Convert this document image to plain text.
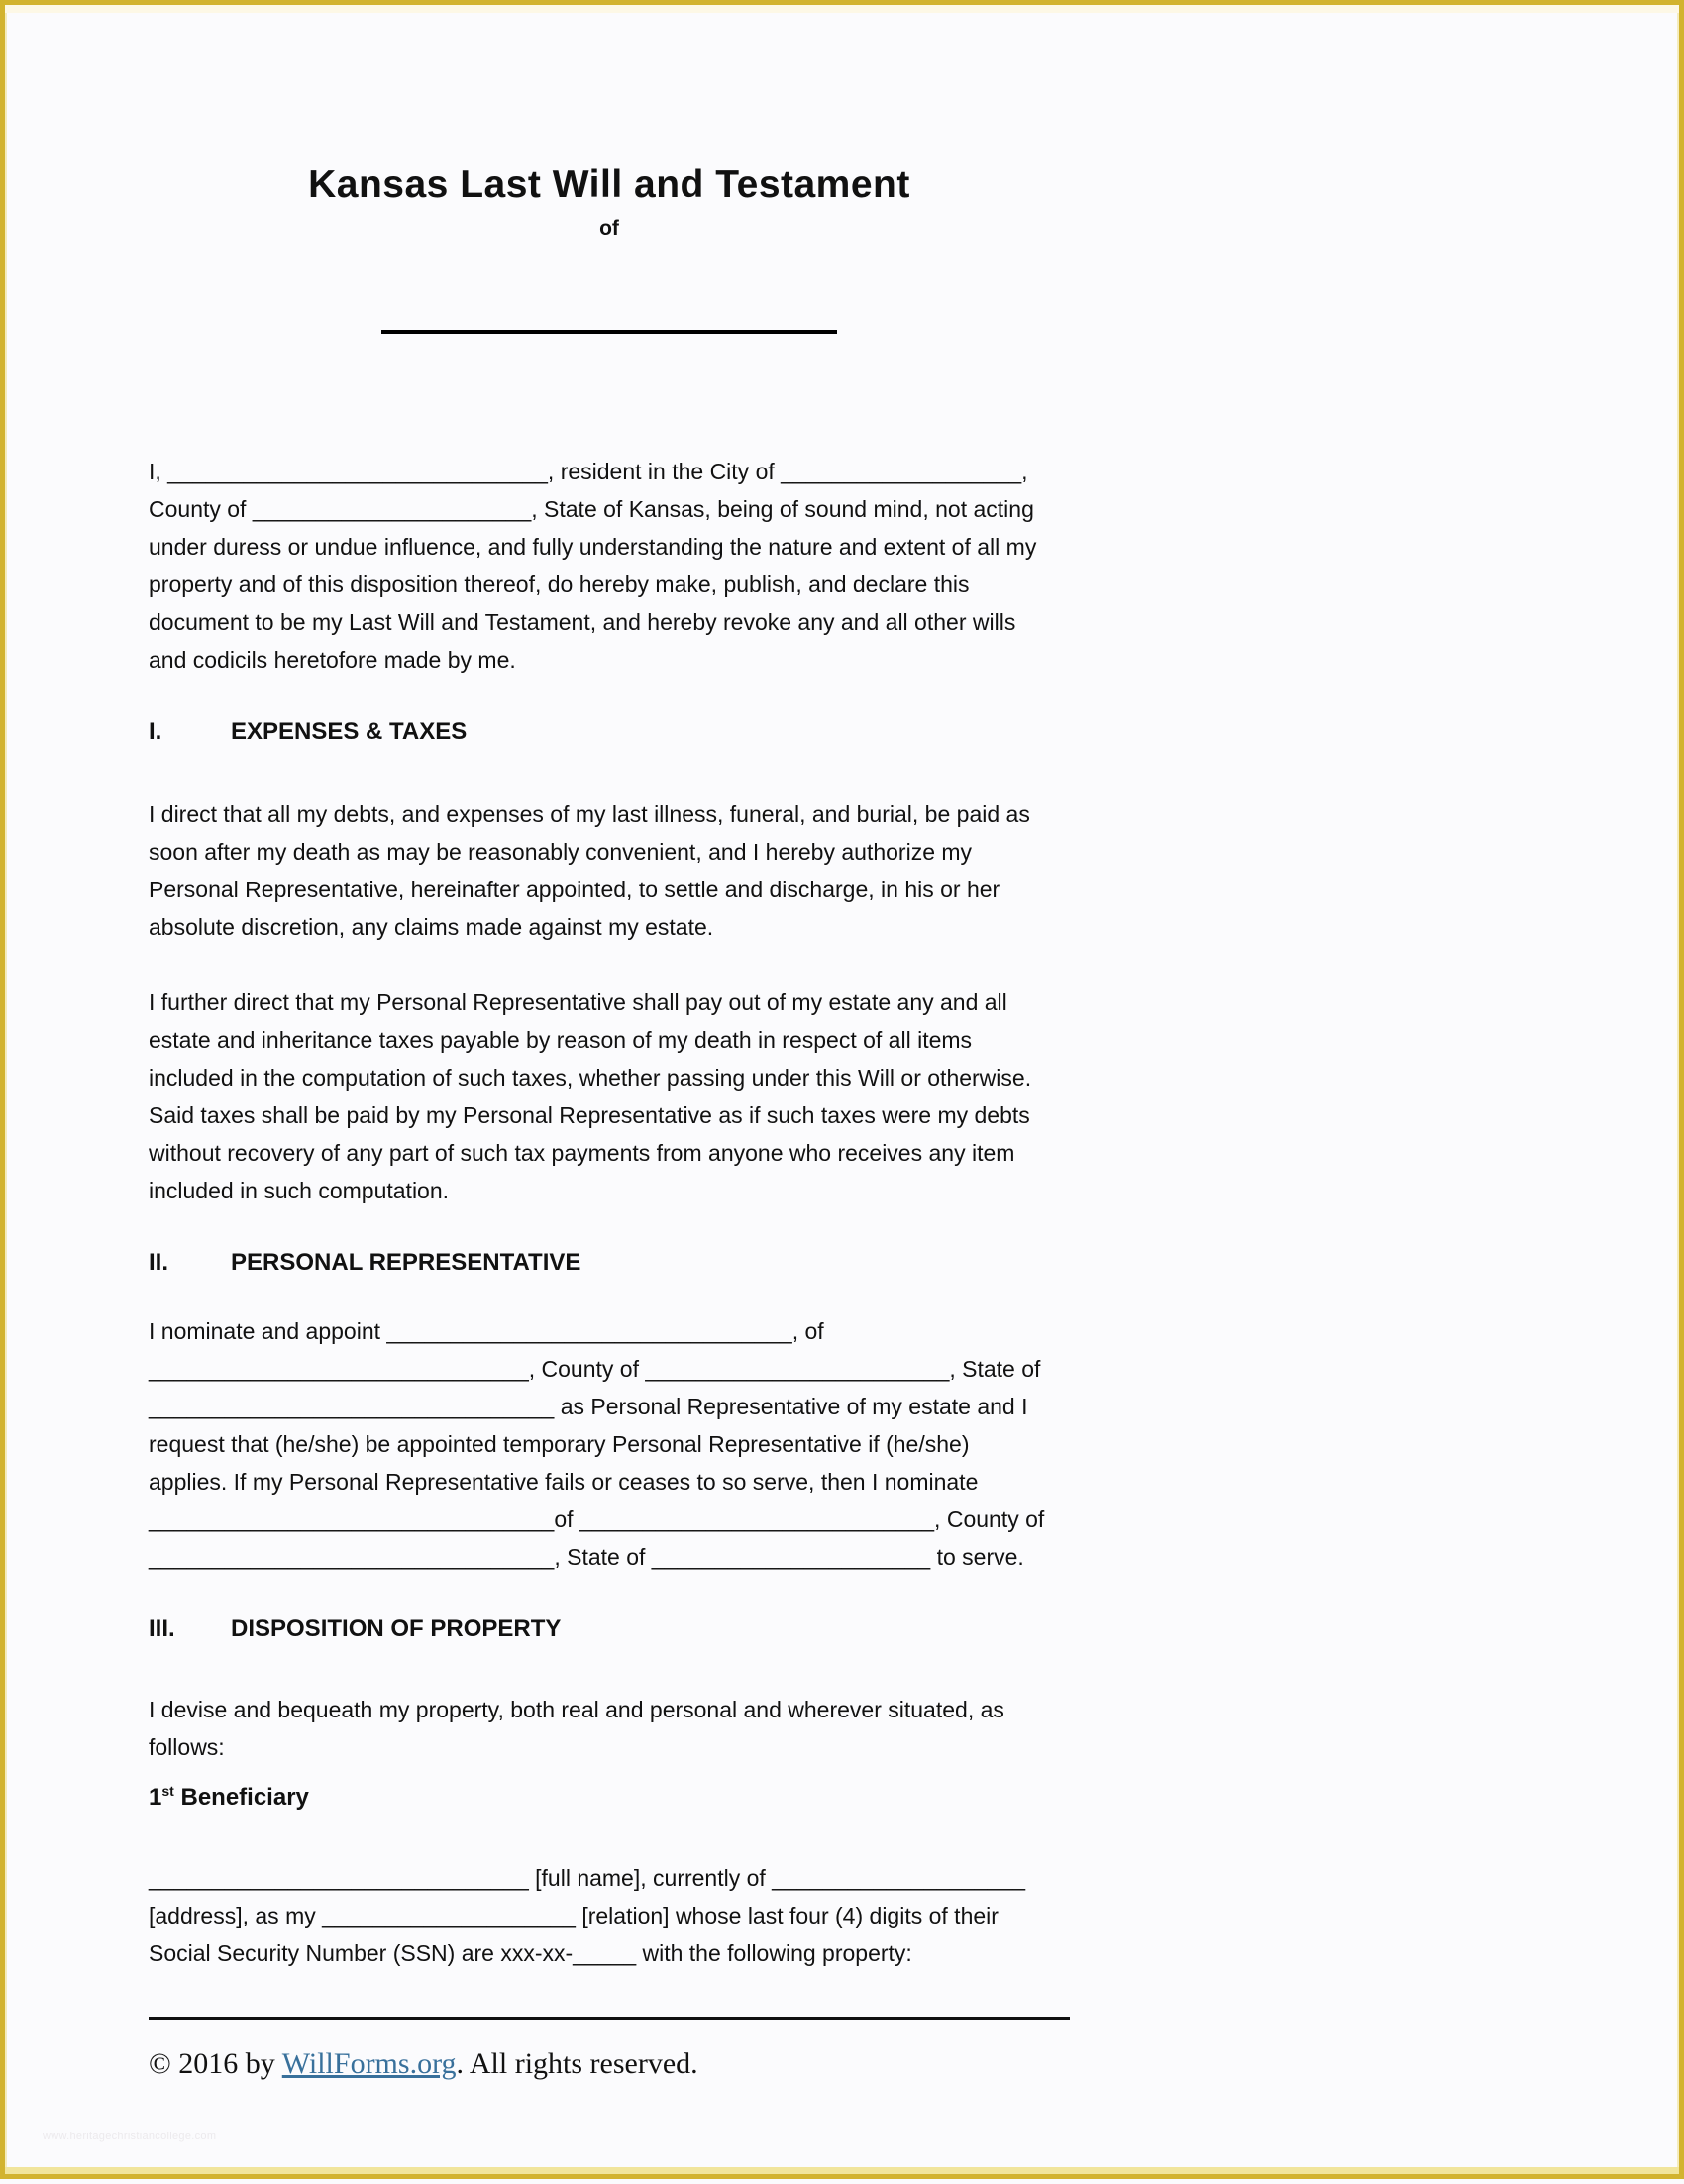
Kansas Last Will and Testament
of
I, ______________________________, resident in the City of ___________________,
County of ______________________, State of Kansas, being of sound mind, not acting
under duress or undue influence, and fully understanding the nature and extent of all my
property and of this disposition thereof, do hereby make, publish, and declare this
document to be my Last Will and Testament, and hereby revoke any and all other wills
and codicils heretofore made by me.
I.	EXPENSES & TAXES
I direct that all my debts, and expenses of my last illness, funeral, and burial, be paid as
soon after my death as may be reasonably convenient, and I hereby authorize my
Personal Representative, hereinafter appointed, to settle and discharge, in his or her
absolute discretion, any claims made against my estate.
I further direct that my Personal Representative shall pay out of my estate any and all
estate and inheritance taxes payable by reason of my death in respect of all items
included in the computation of such taxes, whether passing under this Will or otherwise.
Said taxes shall be paid by my Personal Representative as if such taxes were my debts
without recovery of any part of such tax payments from anyone who receives any item
included in such computation.
II.	PERSONAL REPRESENTATIVE
I nominate and appoint ________________________________, of
______________________________, County of ________________________, State of
________________________________ as Personal Representative of my estate and I
request that (he/she) be appointed temporary Personal Representative if (he/she)
applies. If my Personal Representative fails or ceases to so serve, then I nominate
________________________________of ____________________________, County of
________________________________, State of ______________________ to serve.
III.	DISPOSITION OF PROPERTY
I devise and bequeath my property, both real and personal and wherever situated, as
follows:
1st Beneficiary
______________________________ [full name], currently of ____________________
[address], as my ____________________ [relation] whose last four (4) digits of their
Social Security Number (SSN) are xxx-xx-_____ with the following property:
© 2016 by WillForms.org. All rights reserved.
www.heritagechristiancollege.com
